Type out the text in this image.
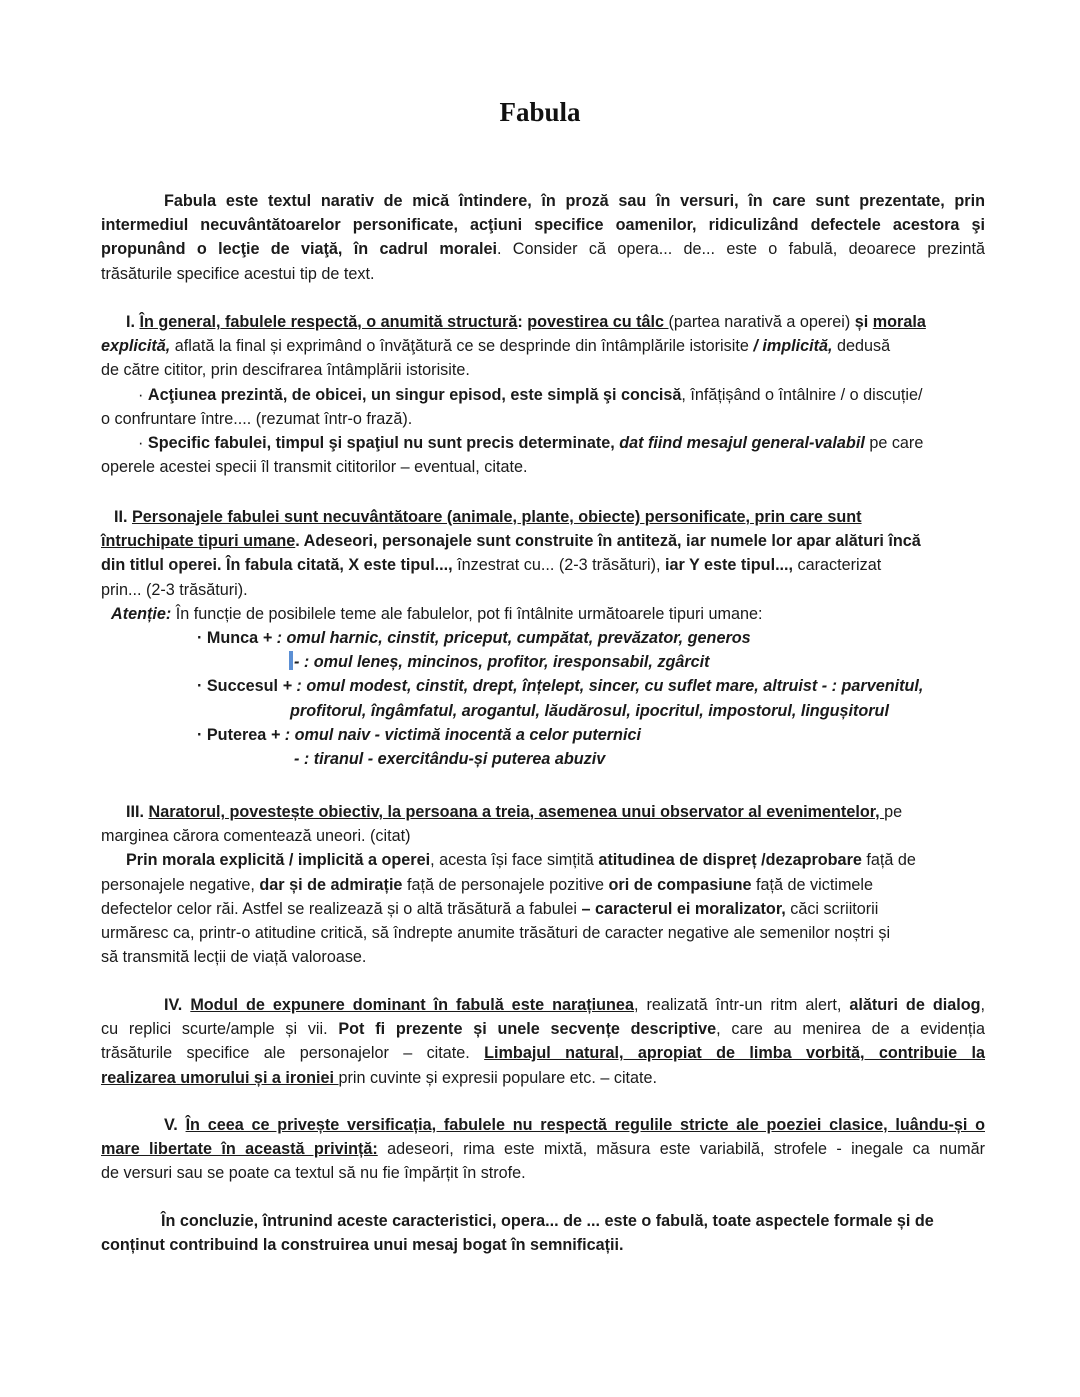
Fabula
Fabula este textul narativ de mică întindere, în proză sau în versuri, în care sunt prezentate, prin
intermediul necuvântătoarelor personificate, acţiuni specifice oamenilor, ridiculizând defectele acestora şi
propunând o lecţie de viaţă, în cadrul moralei. Consider că opera... de... este o fabulă, deoarece prezintă
trăsăturile specifice acestui tip de text.
I. În general, fabulele respectă, o anumită structură: povestirea cu tâlc (partea narativă a operei) și morala
explicită, aflată la final și exprimând o învăţătură ce se desprinde din întâmplările istorisite / implicită, dedusă
de către cititor, prin descifrarea întâmplării istorisite.
· Acţiunea prezintă, de obicei, un singur episod, este simplă şi concisă, înfățișând o întâlnire / o discuție/
o confruntare între.... (rezumat într-o frază).
· Specific fabulei, timpul şi spaţiul nu sunt precis determinate, dat fiind mesajul general-valabil pe care
operele acestei specii îl transmit cititorilor – eventual, citate.
II. Personajele fabulei sunt necuvântătoare (animale, plante, obiecte) personificate, prin care sunt
întruchipate tipuri umane. Adeseori, personajele sunt construite în antiteză, iar numele lor apar alături încă
din titlul operei. În fabula citată, X este tipul..., înzestrat cu... (2-3 trăsături), iar Y este tipul..., caracterizat
prin... (2-3 trăsături).
Atenție: În funcție de posibilele teme ale fabulelor, pot fi întâlnite următoarele tipuri umane:
· Munca + : omul harnic, cinstit, priceput, cumpătat, prevăzator, generos
- : omul leneș, mincinos, profitor, iresponsabil, zgârcit
· Succesul + : omul modest, cinstit, drept, înțelept, sincer, cu suflet mare, altruist - : parvenitul,
profitorul, îngâmfatul, arogantul, lăudărosul, ipocritul, impostorul, lingușitorul
· Puterea + : omul naiv - victimă inocentă a celor puternici
- : tiranul - exercitându-și puterea abuziv
III. Naratorul, povestește obiectiv, la persoana a treia, asemenea unui observator al evenimentelor, pe
marginea cărora comentează uneori. (citat)
Prin morala explicită / implicită a operei, acesta își face simțită atitudinea de dispreț /dezaprobare față de
personajele negative, dar și de admirație față de personajele pozitive ori de compasiune față de victimele
defectelor celor răi. Astfel se realizează și o altă trăsătură a fabulei – caracterul ei moralizator, căci scriitorii
urmăresc ca, printr-o atitudine critică, să îndrepte anumite trăsături de caracter negative ale semenilor noștri și
să transmită lecții de viață valoroase.
IV. Modul de expunere dominant în fabulă este narațiunea, realizată într-un ritm alert, alături de dialog,
cu replici scurte/ample și vii. Pot fi prezente și unele secvențe descriptive, care au menirea de a evidenția
trăsăturile specifice ale personajelor – citate. Limbajul natural, apropiat de limba vorbită, contribuie la
realizarea umorului și a ironiei prin cuvinte și expresii populare etc. – citate.
V. În ceea ce privește versificația, fabulele nu respectă regulile stricte ale poeziei clasice, luându-și o
mare libertate în această privință: adeseori, rima este mixtă, măsura este variabilă, strofele - inegale ca număr
de versuri sau se poate ca textul să nu fie împărțit în strofe.
În concluzie, întrunind aceste caracteristici, opera... de ... este o fabulă, toate aspectele formale și de
conținut contribuind la construirea unui mesaj bogat în semnificații.
